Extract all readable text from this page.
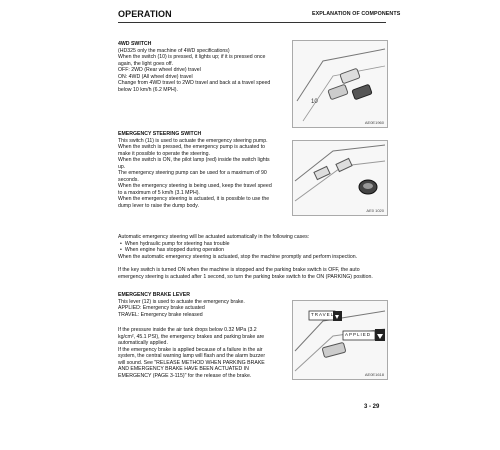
OPERATION	EXPLANATION OF COMPONENTS

4WD SWITCH

(HD325 only the machine of 4WD specifications)

When the switch (10) is pressed, it lights up; if it is pressed once

again, the light goes off.

OFF: 2WD (Rear wheel drive) travel

ON: 4WD (All wheel drive) travel

Change from 4WD travel to 2WD travel and back at a travel speed

below 10 km/h (6.2 MPH).

10
AE0E1960

EMERGENCY STEERING SWITCH

This switch (11) is used to actuate the emergency steering pump.

When the switch is pressed, the emergency pump is actuated to

make it possible to operate the steering.

When the switch is ON, the pilot lamp (red) inside the switch lights

up.

The emergency steering pump can be used for a maximum of 90

seconds.

When the emergency steering is being used, keep the travel speed

to a maximum of 5 km/h (3.1 MPH).

When the emergency steering is actuated, it is possible to use the

dump lever to raise the dump body.

AE0 1020

Automatic emergency steering will be actuated automatically in the following cases:

• When hydraulic pump for steering has trouble

• When engine has stopped during operation

When the automatic emergency steering is actuated, stop the machine promptly and perform inspection.

If the key switch is turned ON when the machine is stopped and the parking brake switch is OFF, the auto

emergency steering is actuated after 1 second, so turn the parking brake switch to the ON (PARKING) position.

EMERGENCY BRAKE LEVER

This lever (12) is used to actuate the emergency brake.

APPLIED: Emergency brake actuated

TRAVEL: Emergency brake released

If the pressure inside the air tank drops below 0.32 MPa (3.2

kg/cm², 45.1 PSI), the emergency brakes and parking brake are

automatically applied.

If the emergency brake is applied because of a failure in the air

system, the central warning lamp will flash and the alarm buzzer

will sound. See "RELEASE METHOD WHEN PARKING BRAKE

AND EMERGENCY BRAKE HAVE BEEN ACTUATED IN

EMERGENCY (PAGE 3-115)" for the release of the brake.

TRAVEL
APPLIED
AE0E1618
3 - 29
